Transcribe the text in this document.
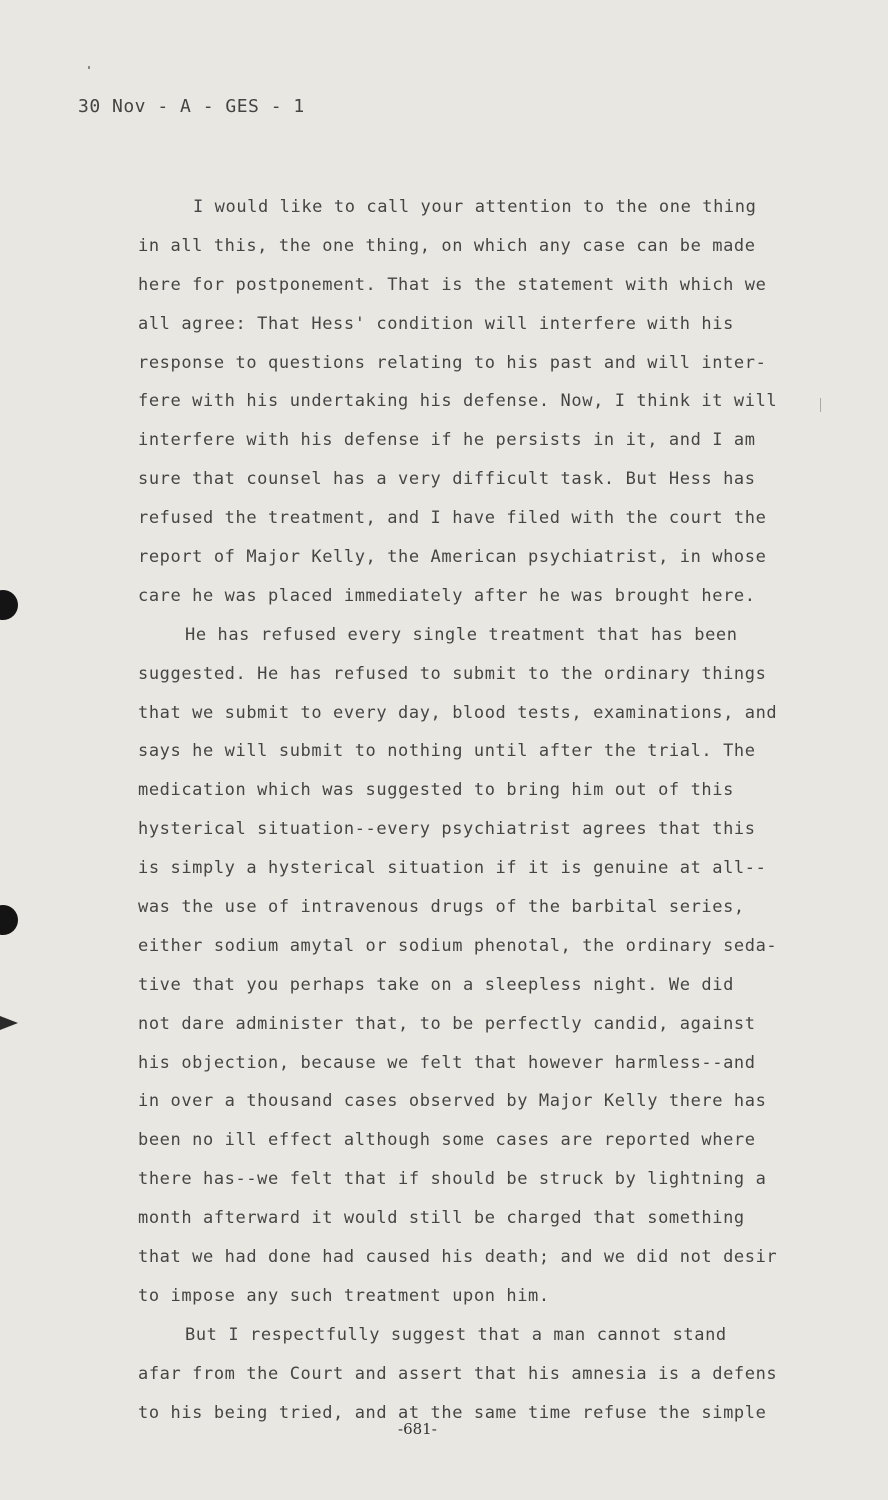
30 Nov - A - GES - 1
I would like to call your attention to the one thing
in all this, the one thing, on which any case can be made
here for postponement. That is the statement with which we
all agree: That Hess' condition will interfere with his
response to questions relating to his past and will inter-
fere with his undertaking his defense. Now, I think it will
interfere with his defense if he persists in it, and I am
sure that counsel has a very difficult task. But Hess has
refused the treatment, and I have filed with the court the
report of Major Kelly, the American psychiatrist, in whose
care he was placed immediately after he was brought here.
He has refused every single treatment that has been
suggested. He has refused to submit to the ordinary things
that we submit to every day, blood tests, examinations, and
says he will submit to nothing until after the trial. The
medication which was suggested to bring him out of this
hysterical situation--every psychiatrist agrees that this
is simply a hysterical situation if it is genuine at all--
was the use of intravenous drugs of the barbital series,
either sodium amytal or sodium phenotal, the ordinary seda-
tive that you perhaps take on a sleepless night. We did
not dare administer that, to be perfectly candid, against
his objection, because we felt that however harmless--and
in over a thousand cases observed by Major Kelly there has
been no ill effect although some cases are reported where
there has--we felt that if should be struck by lightning a
month afterward it would still be charged that something
that we had done had caused his death; and we did not desir
to impose any such treatment upon him.
But I respectfully suggest that a man cannot stand
afar from the Court and assert that his amnesia is a defens
to his being tried, and at the same time refuse the simple
-681-
